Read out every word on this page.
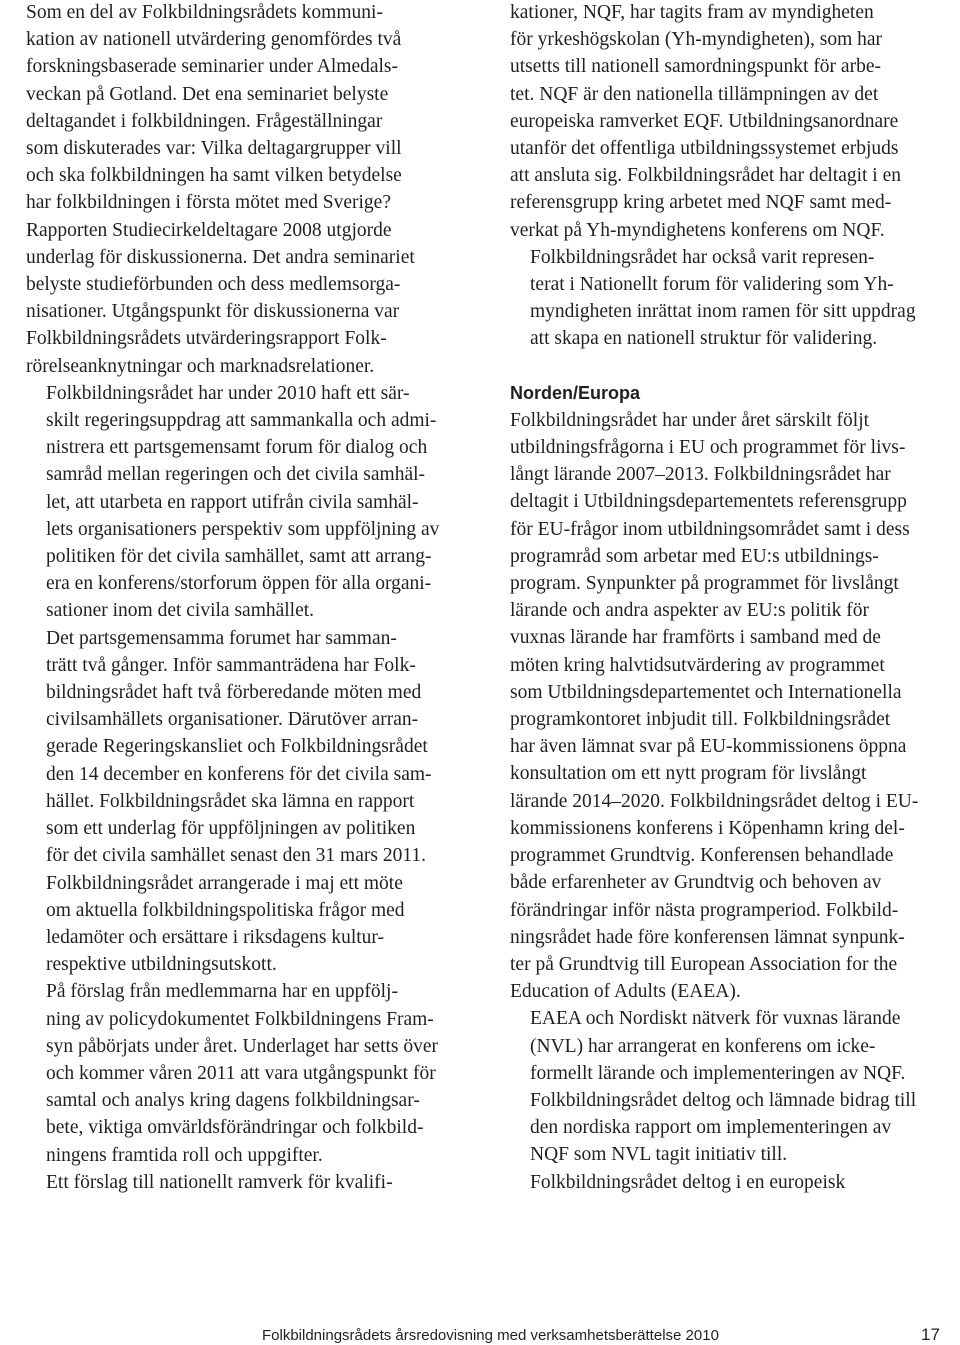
Som en del av Folkbildningsrådets kommuni-
kation av nationell utvärdering genomfördes två
forskningsbaserade seminarier under Almedals-
veckan på Gotland. Det ena seminariet belyste
deltagandet i folkbildningen. Frågeställningar
som diskuterades var: Vilka deltagargrupper vill
och ska folkbildningen ha samt vilken betydelse
har folkbildningen i första mötet med Sverige?
Rapporten Studiecirkeldeltagare 2008 utgjorde
underlag för diskussionerna. Det andra seminariet
belyste studieförbunden och dess medlemsorga-
nisationer. Utgångspunkt för diskussionerna var
Folkbildningsrådets utvärderingsrapport Folk-
rörelseanknytningar och marknadsrelationer.

Folkbildningsrådet har under 2010 haft ett sär-
skilt regeringsuppdrag att sammankalla och admi-
nistrera ett partsgemensamt forum för dialog och
samråd mellan regeringen och det civila samhäl-
let, att utarbeta en rapport utifrån civila samhäl-
lets organisationers perspektiv som uppföljning av
politiken för det civila samhället, samt att arrang-
era en konferens/storforum öppen för alla organi-
sationer inom det civila samhället.

Det partsgemensamma forumet har samman-
trätt två gånger. Inför sammanträdena har Folk-
bildningsrådet haft två förberedande möten med
civilsamhällets organisationer. Därutöver arran-
gerade Regeringskansliet och Folkbildningsrådet
den 14 december en konferens för det civila sam-
hället. Folkbildningsrådet ska lämna en rapport
som ett underlag för uppföljningen av politiken
för det civila samhället senast den 31 mars 2011.

Folkbildningsrådet arrangerade i maj ett möte
om aktuella folkbildningspolitiska frågor med
ledamöter och ersättare i riksdagens kultur-
respektive utbildningsutskott.

På förslag från medlemmarna har en uppfölj-
ning av policydokumentet Folkbildningens Fram-
syn påbörjats under året. Underlaget har setts över
och kommer våren 2011 att vara utgångspunkt för
samtal och analys kring dagens folkbildningsar-
bete, viktiga omvärldsförändringar och folkbild-
ningens framtida roll och uppgifter.

Ett förslag till nationellt ramverk för kvalifi-

kationer, NQF, har tagits fram av myndigheten
för yrkeshögskolan (Yh-myndigheten), som har
utsetts till nationell samordningspunkt för arbe-
tet. NQF är den nationella tillämpningen av det
europeiska ramverket EQF. Utbildningsanordnare
utanför det offentliga utbildningssystemet erbjuds
att ansluta sig. Folkbildningsrådet har deltagit i en
referensgrupp kring arbetet med NQF samt med-
verkat på Yh-myndighetens konferens om NQF.

Folkbildningsrådet har också varit represen-
terat i Nationellt forum för validering som Yh-
myndigheten inrättat inom ramen för sitt uppdrag
att skapa en nationell struktur för validering.

Norden/Europa

Folkbildningsrådet har under året särskilt följt
utbildningsfrågorna i EU och programmet för livs-
långt lärande 2007–2013. Folkbildningsrådet har
deltagit i Utbildningsdepartementets referensgrupp
för EU-frågor inom utbildningsområdet samt i dess
programråd som arbetar med EU:s utbildnings-
program. Synpunkter på programmet för livslångt
lärande och andra aspekter av EU:s politik för
vuxnas lärande har framförts i samband med de
möten kring halvtidsutvärdering av programmet
som Utbildningsdepartementet och Internationella
programkontoret inbjudit till. Folkbildningsrådet
har även lämnat svar på EU-kommissionens öppna
konsultation om ett nytt program för livslångt
lärande 2014–2020. Folkbildningsrådet deltog i EU-
kommissionens konferens i Köpenhamn kring del-
programmet Grundtvig. Konferensen behandlade
både erfarenheter av Grundtvig och behoven av
förändringar inför nästa programperiod. Folkbild-
ningsrådet hade före konferensen lämnat synpunk-
ter på Grundtvig till European Association for the
Education of Adults (EAEA).

EAEA och Nordiskt nätverk för vuxnas lärande
(NVL) har arrangerat en konferens om icke-
formellt lärande och implementeringen av NQF.
Folkbildningsrådet deltog och lämnade bidrag till
den nordiska rapport om implementeringen av
NQF som NVL tagit initiativ till.

Folkbildningsrådet deltog i en europeisk

Folkbildningsrådets årsredovisning med verksamhetsberättelse 2010	17
